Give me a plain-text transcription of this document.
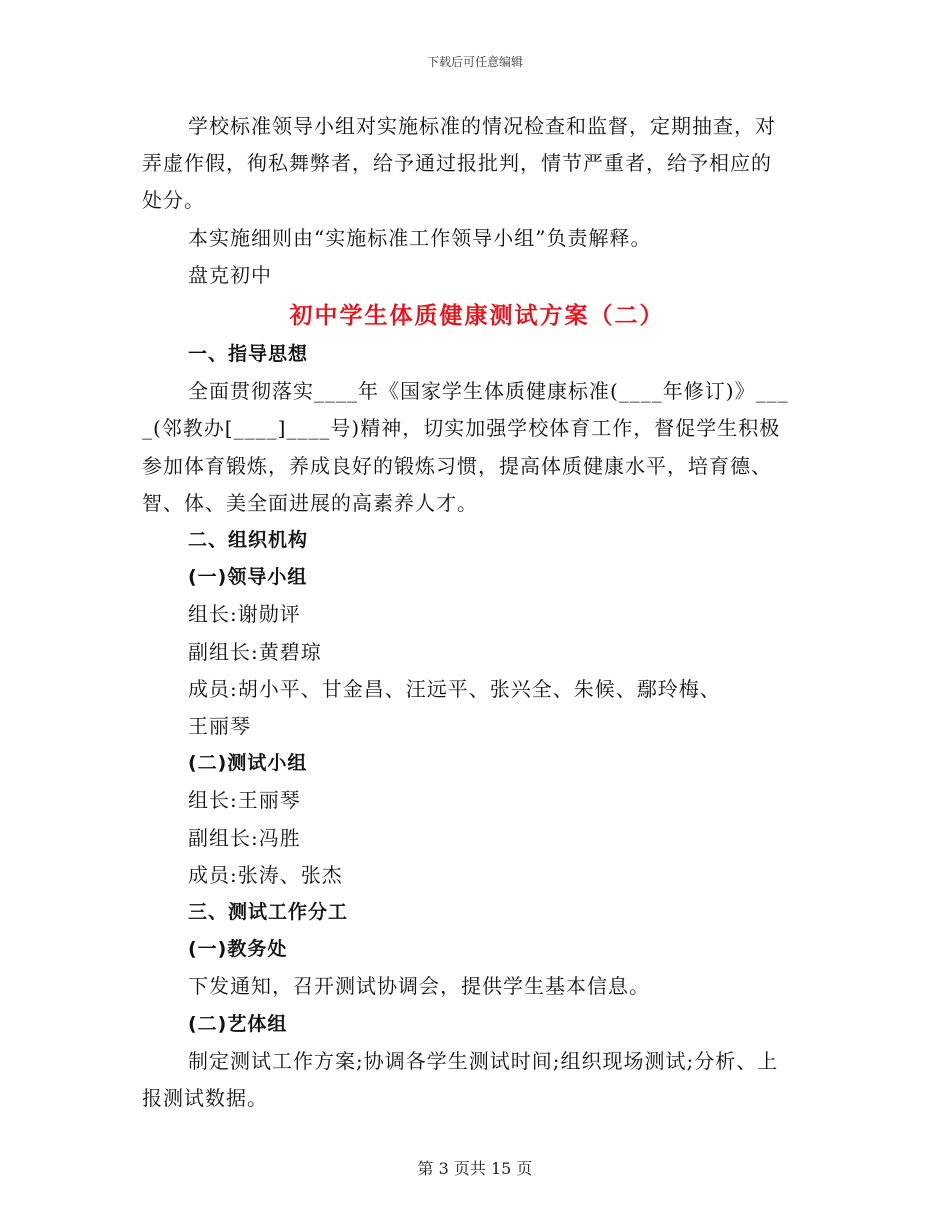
下载后可任意编辑
学校标准领导小组对实施标准的情况检查和监督，定期抽查，对
弄虚作假，徇私舞弊者，给予通过报批判，情节严重者，给予相应的
处分。
本实施细则由“实施标准工作领导小组”负责解释。
盘克初中
初中学生体质健康测试方案（二）
一、指导思想
全面贯彻落实____年《国家学生体质健康标准(____年修订)》___
_(邻教办[____]____号)精神，切实加强学校体育工作，督促学生积极
参加体育锻炼，养成良好的锻炼习惯，提高体质健康水平，培育德、
智、体、美全面进展的高素养人才。
二、组织机构
(一)领导小组
组长:谢勋评
副组长:黄碧琼
成员:胡小平、甘金昌、汪远平、张兴全、朱候、鄢玲梅、
王丽琴
(二)测试小组
组长:王丽琴
副组长:冯胜
成员:张涛、张杰
三、测试工作分工
(一)教务处
下发通知，召开测试协调会，提供学生基本信息。
(二)艺体组
制定测试工作方案;协调各学生测试时间;组织现场测试;分析、上
报测试数据。
第 3 页共 15 页
